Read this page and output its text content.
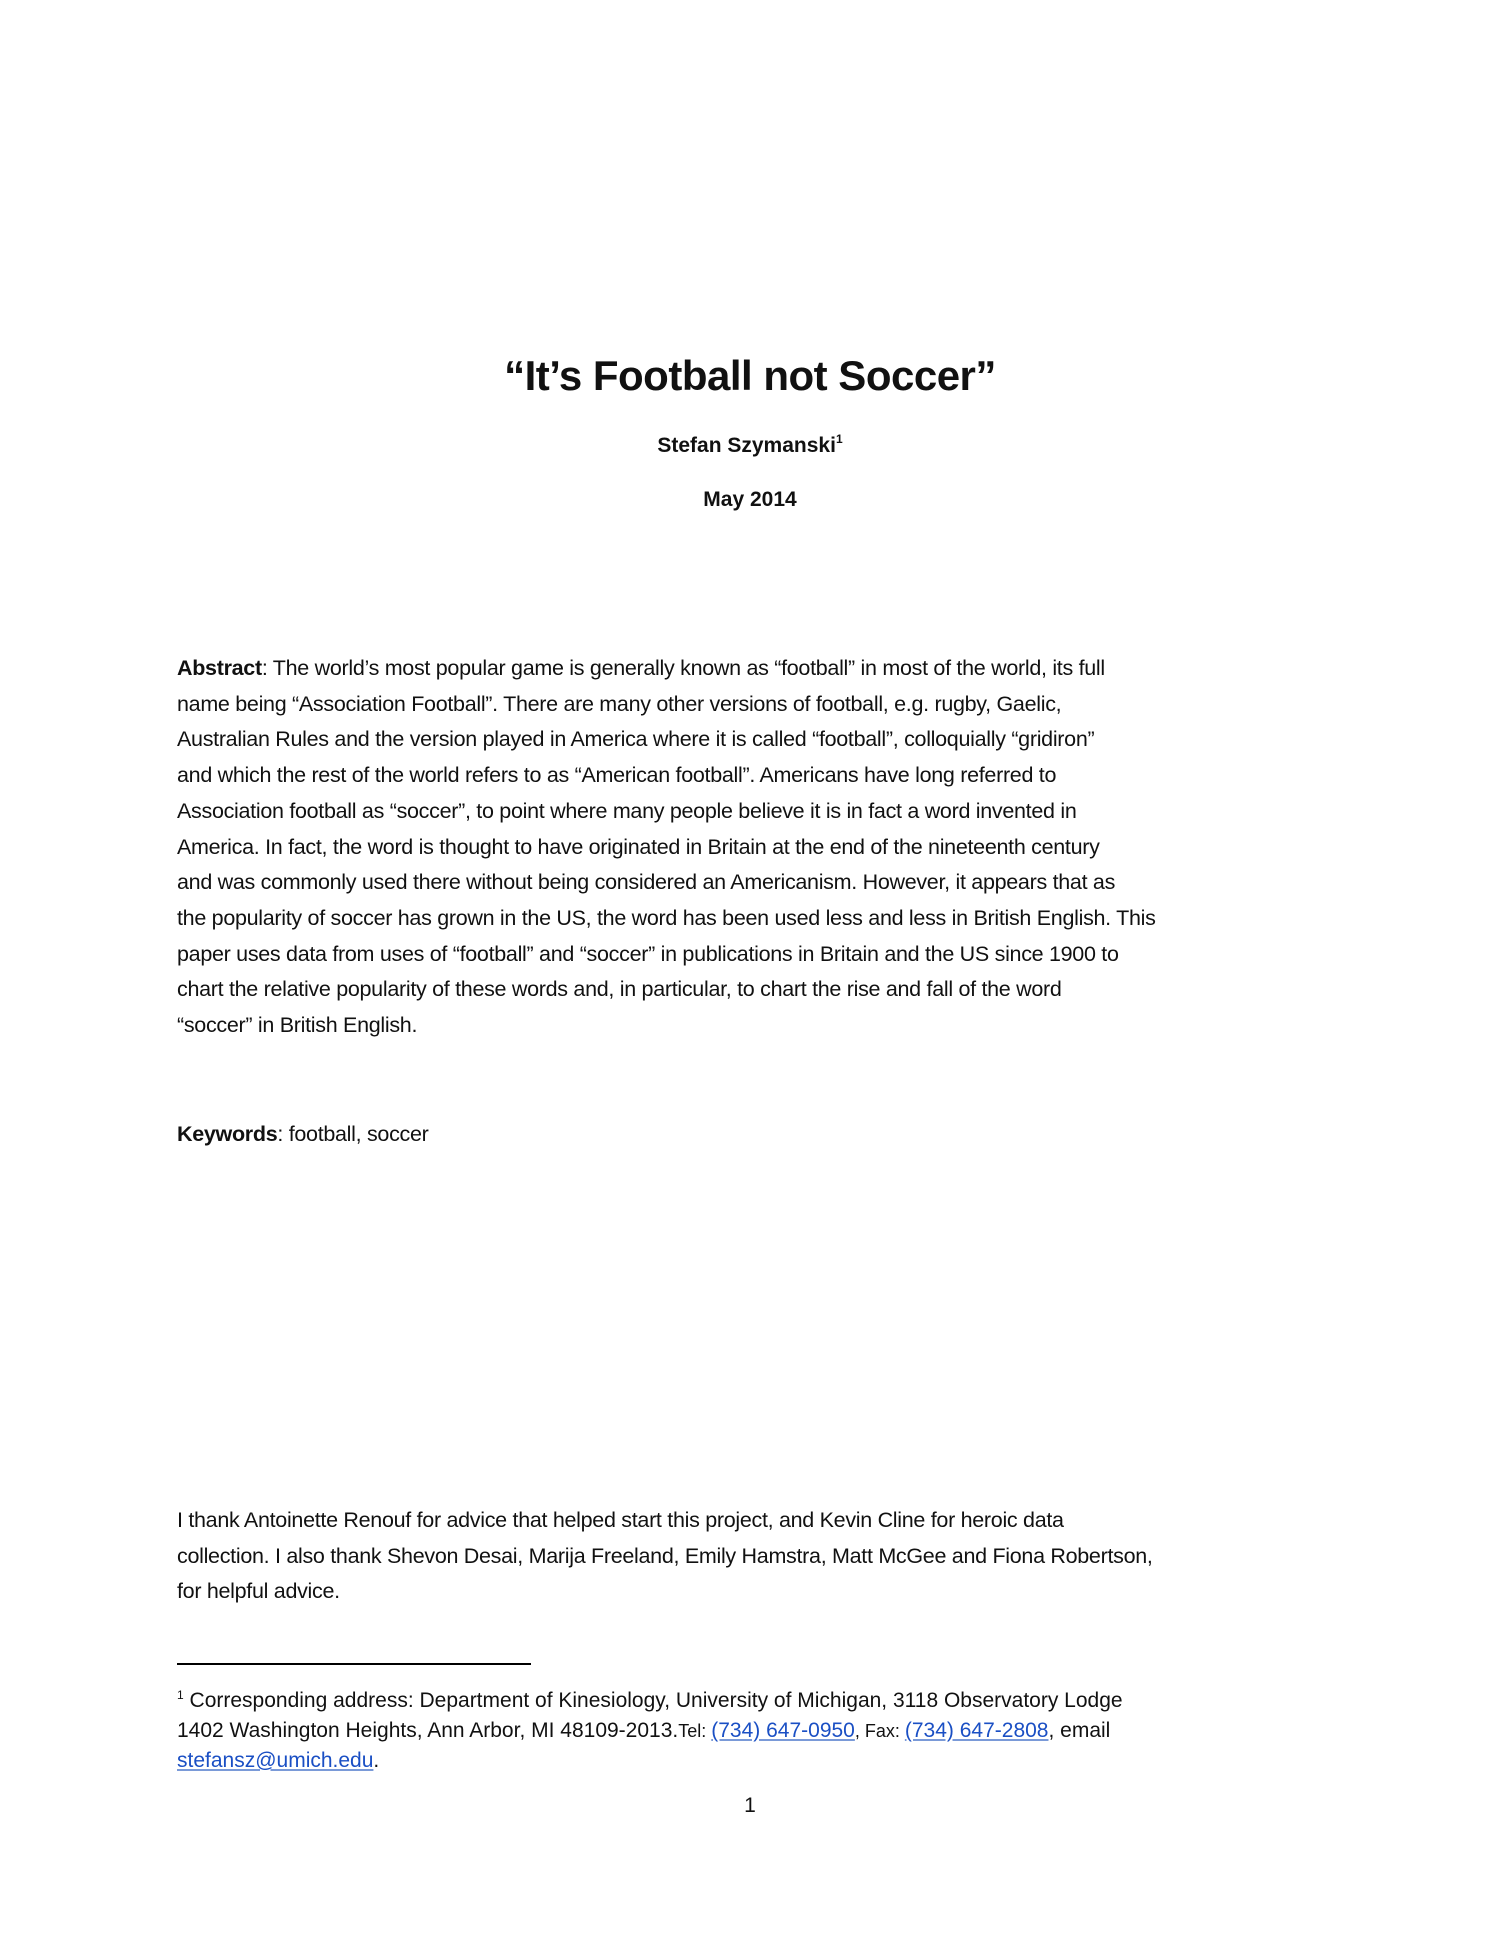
“It’s Football not Soccer”
Stefan Szymanski$^1$
May 2014
Abstract: The world’s most popular game is generally known as “football” in most of the world, its full
name being “Association Football”. There are many other versions of football, e.g. rugby, Gaelic,
Australian Rules and the version played in America where it is called “football”, colloquially “gridiron”
and which the rest of the world refers to as “American football”. Americans have long referred to
Association football as “soccer”, to point where many people believe it is in fact a word invented in
America. In fact, the word is thought to have originated in Britain at the end of the nineteenth century
and was commonly used there without being considered an Americanism. However, it appears that as
the popularity of soccer has grown in the US, the word has been used less and less in British English. This
paper uses data from uses of “football” and “soccer” in publications in Britain and the US since 1900 to
chart the relative popularity of these words and, in particular, to chart the rise and fall of the word
“soccer” in British English.
Keywords: football, soccer
I thank Antoinette Renouf for advice that helped start this project, and Kevin Cline for heroic data
collection. I also thank Shevon Desai, Marija Freeland, Emily Hamstra, Matt McGee and Fiona Robertson,
for helpful advice.
$^1$ Corresponding address: Department of Kinesiology, University of Michigan, 3118 Observatory Lodge
1402 Washington Heights, Ann Arbor, MI 48109-2013.Tel: (734) 647-0950, Fax: (734) 647-2808, email
stefansz@umich.edu.
1
